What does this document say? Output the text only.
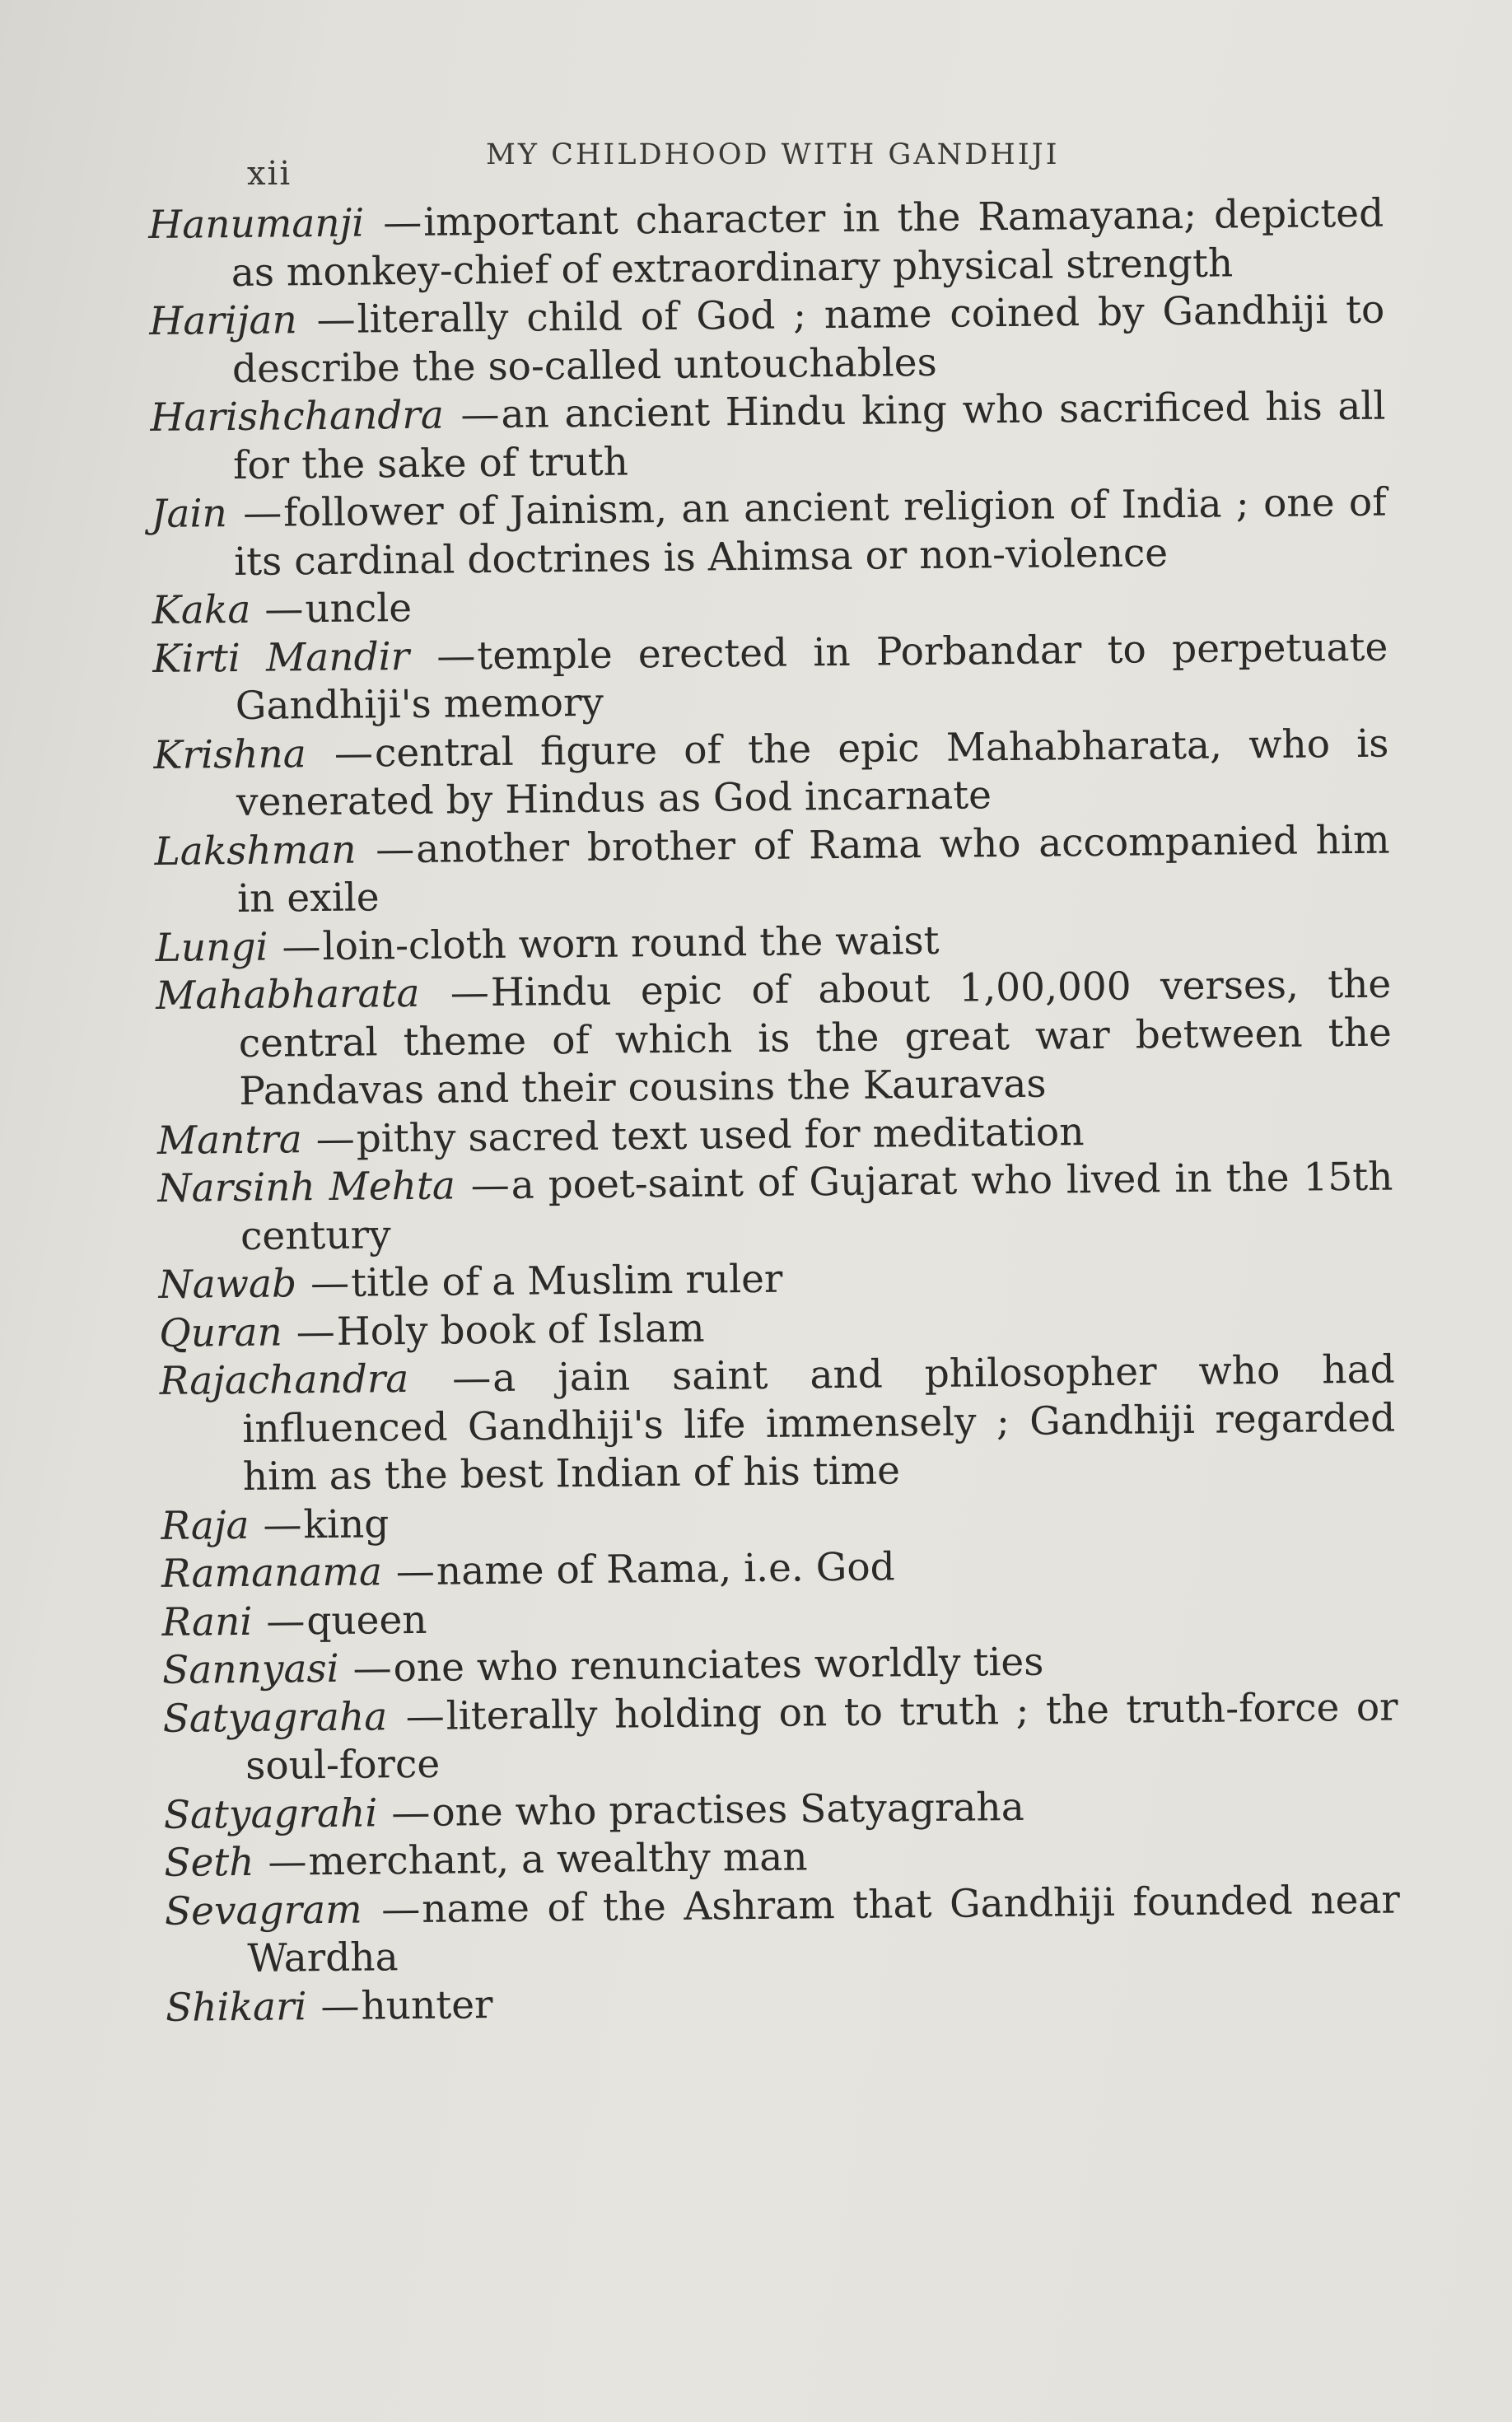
xii	MY CHILDHOOD WITH GANDHIJI

Hanumanji —important character in the Ramayana; depicted as monkey-chief of extraordinary physical strength

Harijan —literally child of God ; name coined by Gandhiji to describe the so-called untouchables

Harishchandra —an ancient Hindu king who sacrificed his all for the sake of truth

Jain —follower of Jainism, an ancient religion of India ; one of its cardinal doctrines is Ahimsa or non-violence

Kaka —uncle

Kirti Mandir —temple erected in Porbandar to perpetuate Gandhiji's memory

Krishna —central figure of the epic Mahabharata, who is venerated by Hindus as God incarnate

Lakshman —another brother of Rama who accompanied him in exile

Lungi —loin-cloth worn round the waist

Mahabharata —Hindu epic of about 1,00,000 verses, the central theme of which is the great war between the Pandavas and their cousins the Kauravas

Mantra —pithy sacred text used for meditation

Narsinh Mehta —a poet-saint of Gujarat who lived in the 15th century

Nawab —title of a Muslim ruler

Quran —Holy book of Islam

Rajachandra —a jain saint and philosopher who had influenced Gandhiji's life immensely ; Gandhiji regarded him as the best Indian of his time

Raja —king

Ramanama —name of Rama, i.e. God

Rani —queen

Sannyasi —one who renunciates worldly ties

Satyagraha —literally holding on to truth ; the truth-force or soul-force

Satyagrahi —one who practises Satyagraha

Seth —merchant, a wealthy man

Sevagram —name of the Ashram that Gandhiji founded near Wardha

Shikari —hunter
